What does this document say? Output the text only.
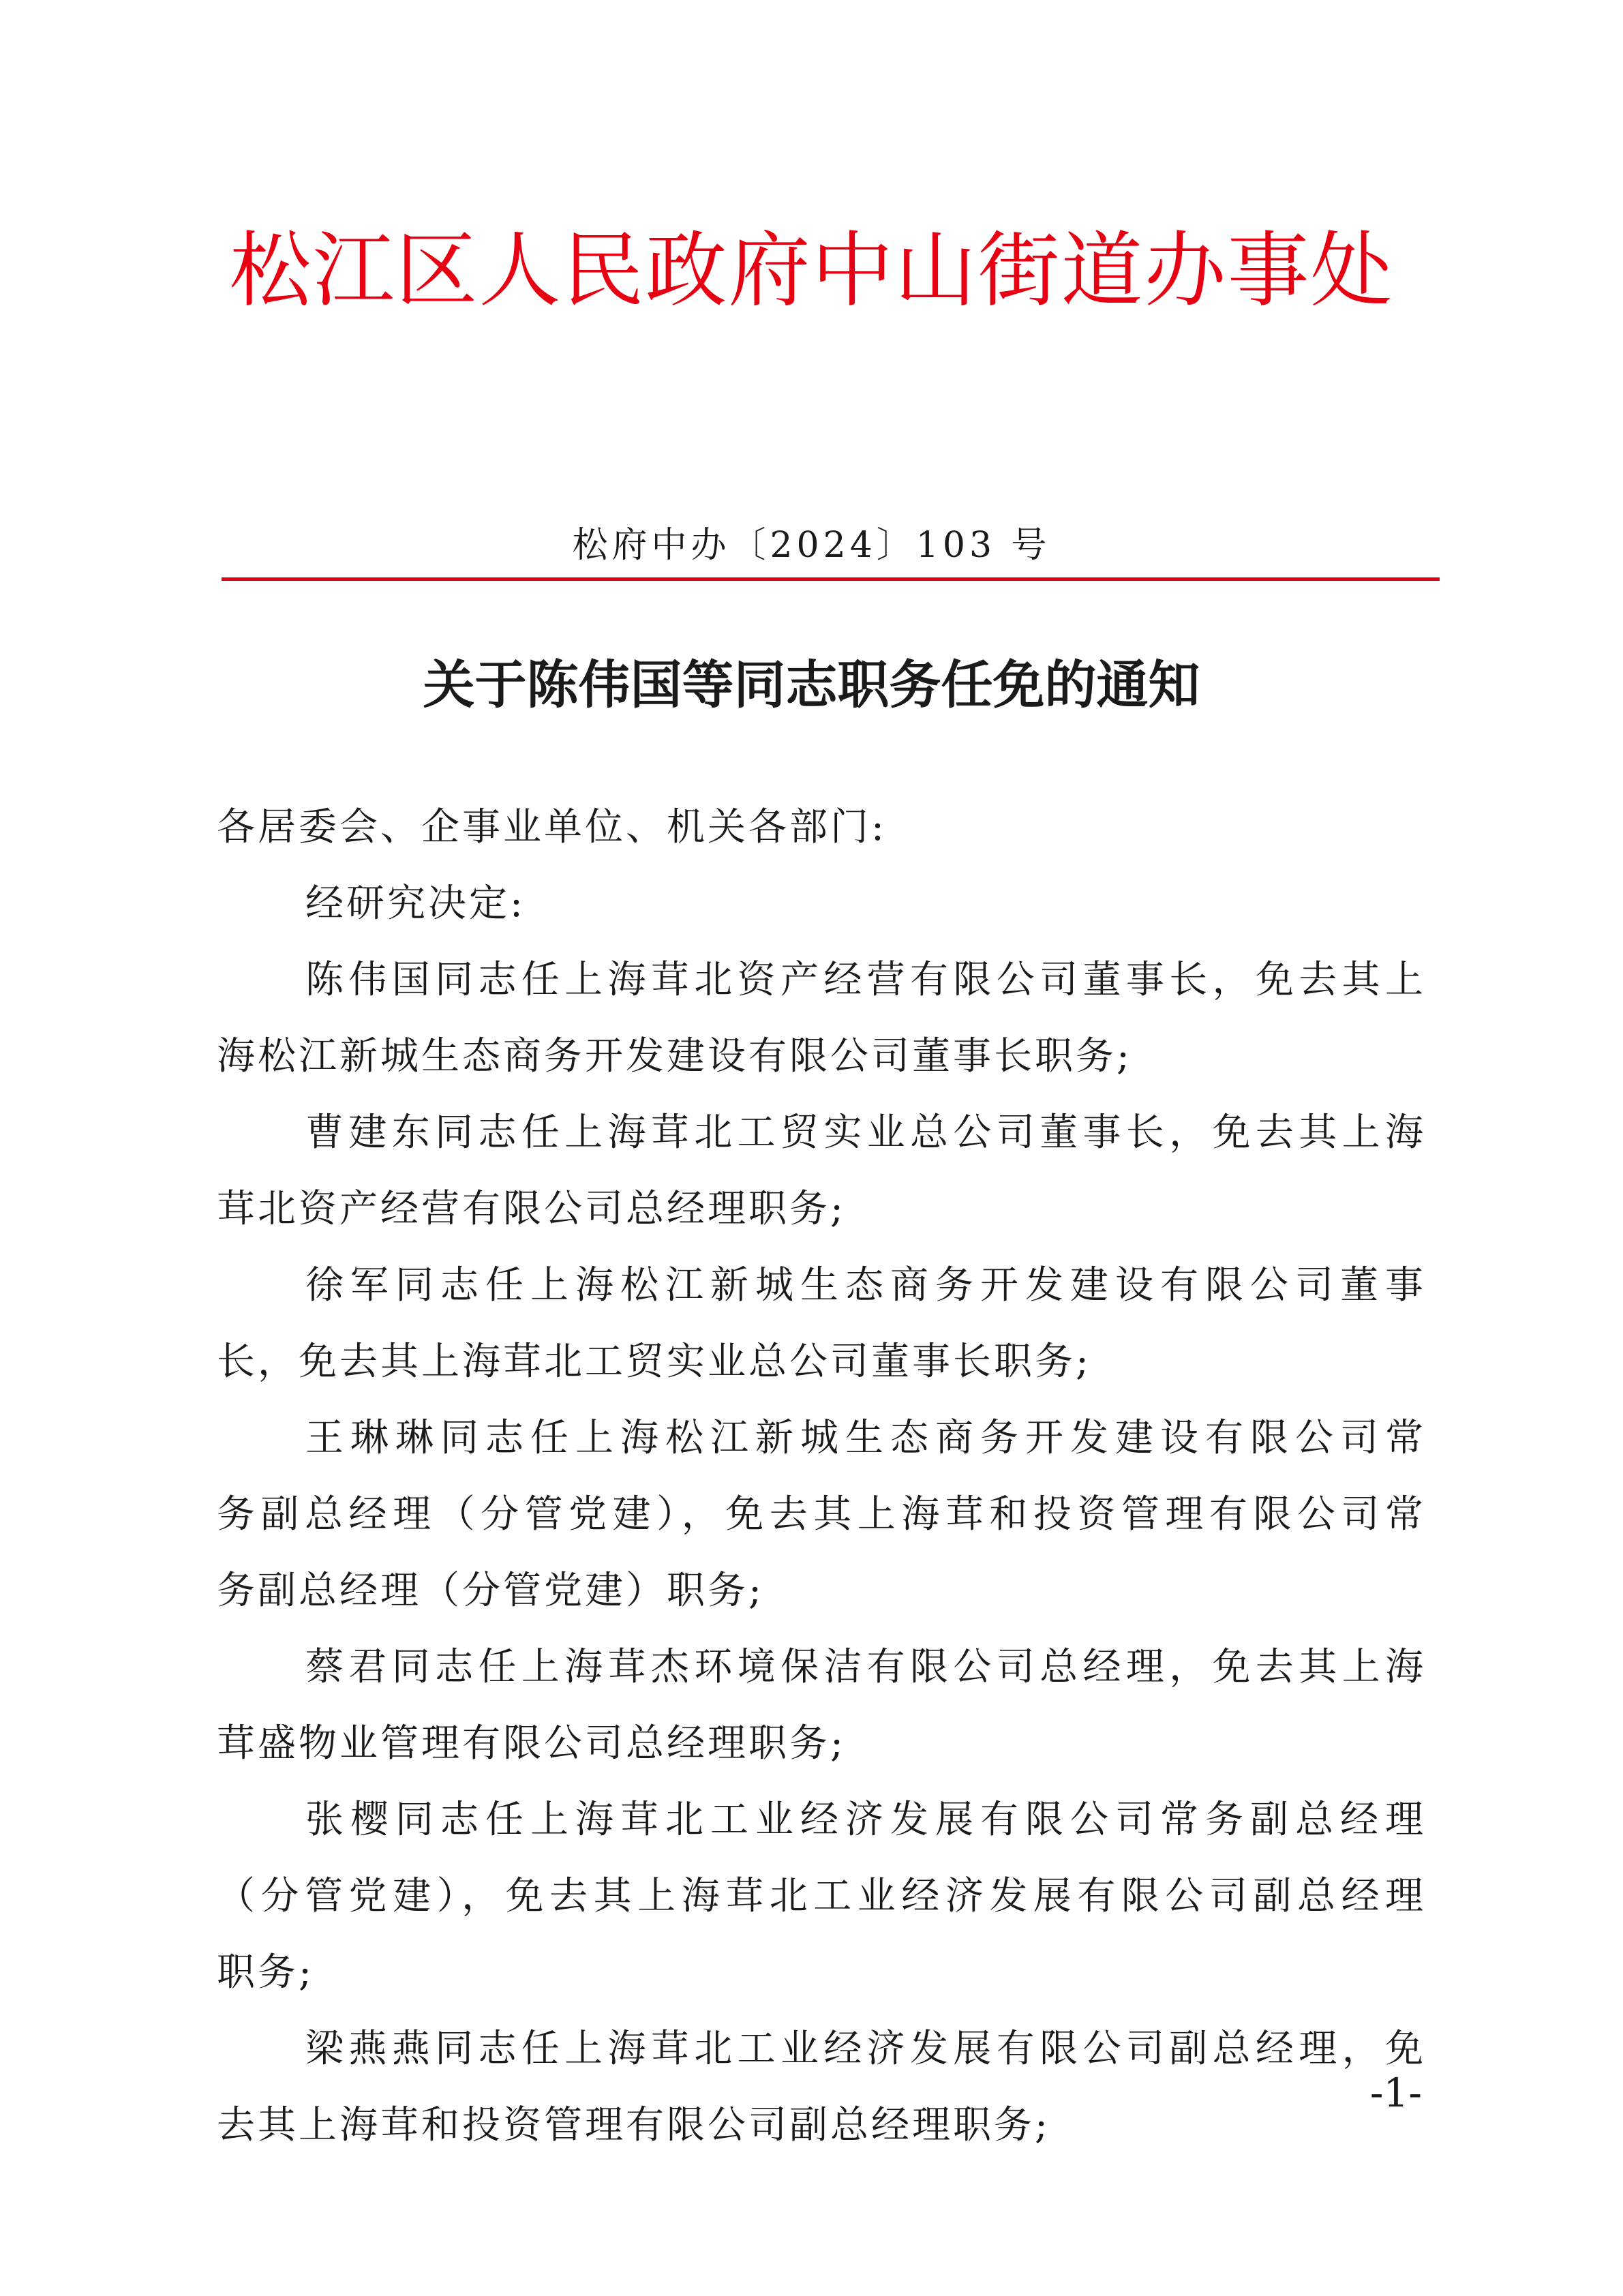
松江区人民政府中山街道办事处
松府中办〔2024〕103 号
关于陈伟国等同志职务任免的通知
各居委会、企事业单位、机关各部门:
经研究决定:
陈伟国同志任上海茸北资产经营有限公司董事长，免去其上
海松江新城生态商务开发建设有限公司董事长职务;
曹建东同志任上海茸北工贸实业总公司董事长，免去其上海
茸北资产经营有限公司总经理职务;
徐军同志任上海松江新城生态商务开发建设有限公司董事
长，免去其上海茸北工贸实业总公司董事长职务;
王琳琳同志任上海松江新城生态商务开发建设有限公司常
务副总经理（分管党建），免去其上海茸和投资管理有限公司常
务副总经理（分管党建）职务;
蔡君同志任上海茸杰环境保洁有限公司总经理，免去其上海
茸盛物业管理有限公司总经理职务;
张樱同志任上海茸北工业经济发展有限公司常务副总经理
（分管党建），免去其上海茸北工业经济发展有限公司副总经理
职务;
梁燕燕同志任上海茸北工业经济发展有限公司副总经理，免
去其上海茸和投资管理有限公司副总经理职务;
-1-
